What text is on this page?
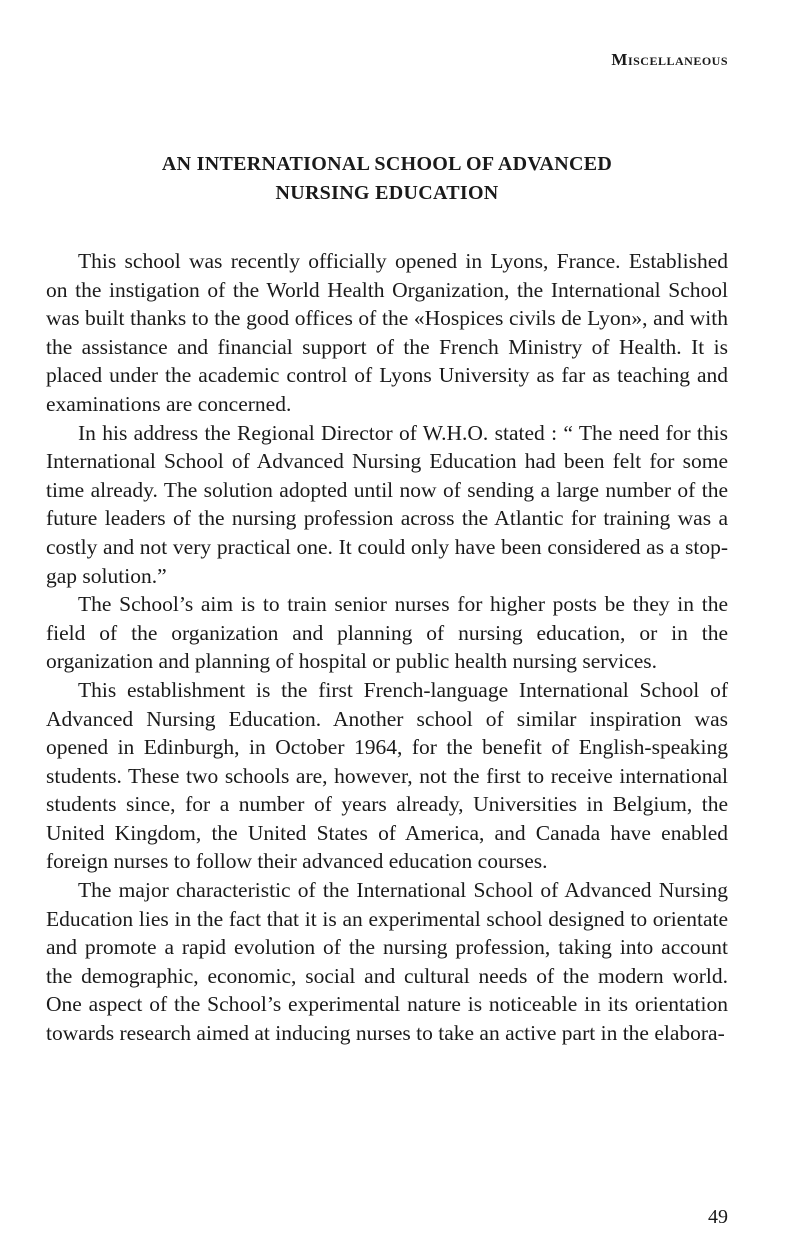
Miscellaneous
AN INTERNATIONAL SCHOOL OF ADVANCED
NURSING EDUCATION

This school was recently officially opened in Lyons, France. Established on the instigation of the World Health Organization, the International School was built thanks to the good offices of the «Hospices civils de Lyon», and with the assistance and financial support of the French Ministry of Health. It is placed under the academic control of Lyons University as far as teaching and examinations are concerned.

In his address the Regional Director of W.H.O. stated : “ The need for this International School of Advanced Nursing Education had been felt for some time already. The solution adopted until now of sending a large number of the future leaders of the nursing profession across the Atlantic for training was a costly and not very practical one. It could only have been considered as a stop-gap solution.”

The School’s aim is to train senior nurses for higher posts be they in the field of the organization and planning of nursing education, or in the organization and planning of hospital or public health nursing services.

This establishment is the first French-language International School of Advanced Nursing Education. Another school of similar inspiration was opened in Edinburgh, in October 1964, for the benefit of English-speaking students. These two schools are, however, not the first to receive international students since, for a number of years already, Universities in Belgium, the United Kingdom, the United States of America, and Canada have enabled foreign nurses to follow their advanced education courses.

The major characteristic of the International School of Advanced Nursing Education lies in the fact that it is an experimental school designed to orientate and promote a rapid evolution of the nursing profession, taking into account the demographic, economic, social and cultural needs of the modern world. One aspect of the School’s experimental nature is noticeable in its orientation towards research aimed at inducing nurses to take an active part in the elabora-

49
